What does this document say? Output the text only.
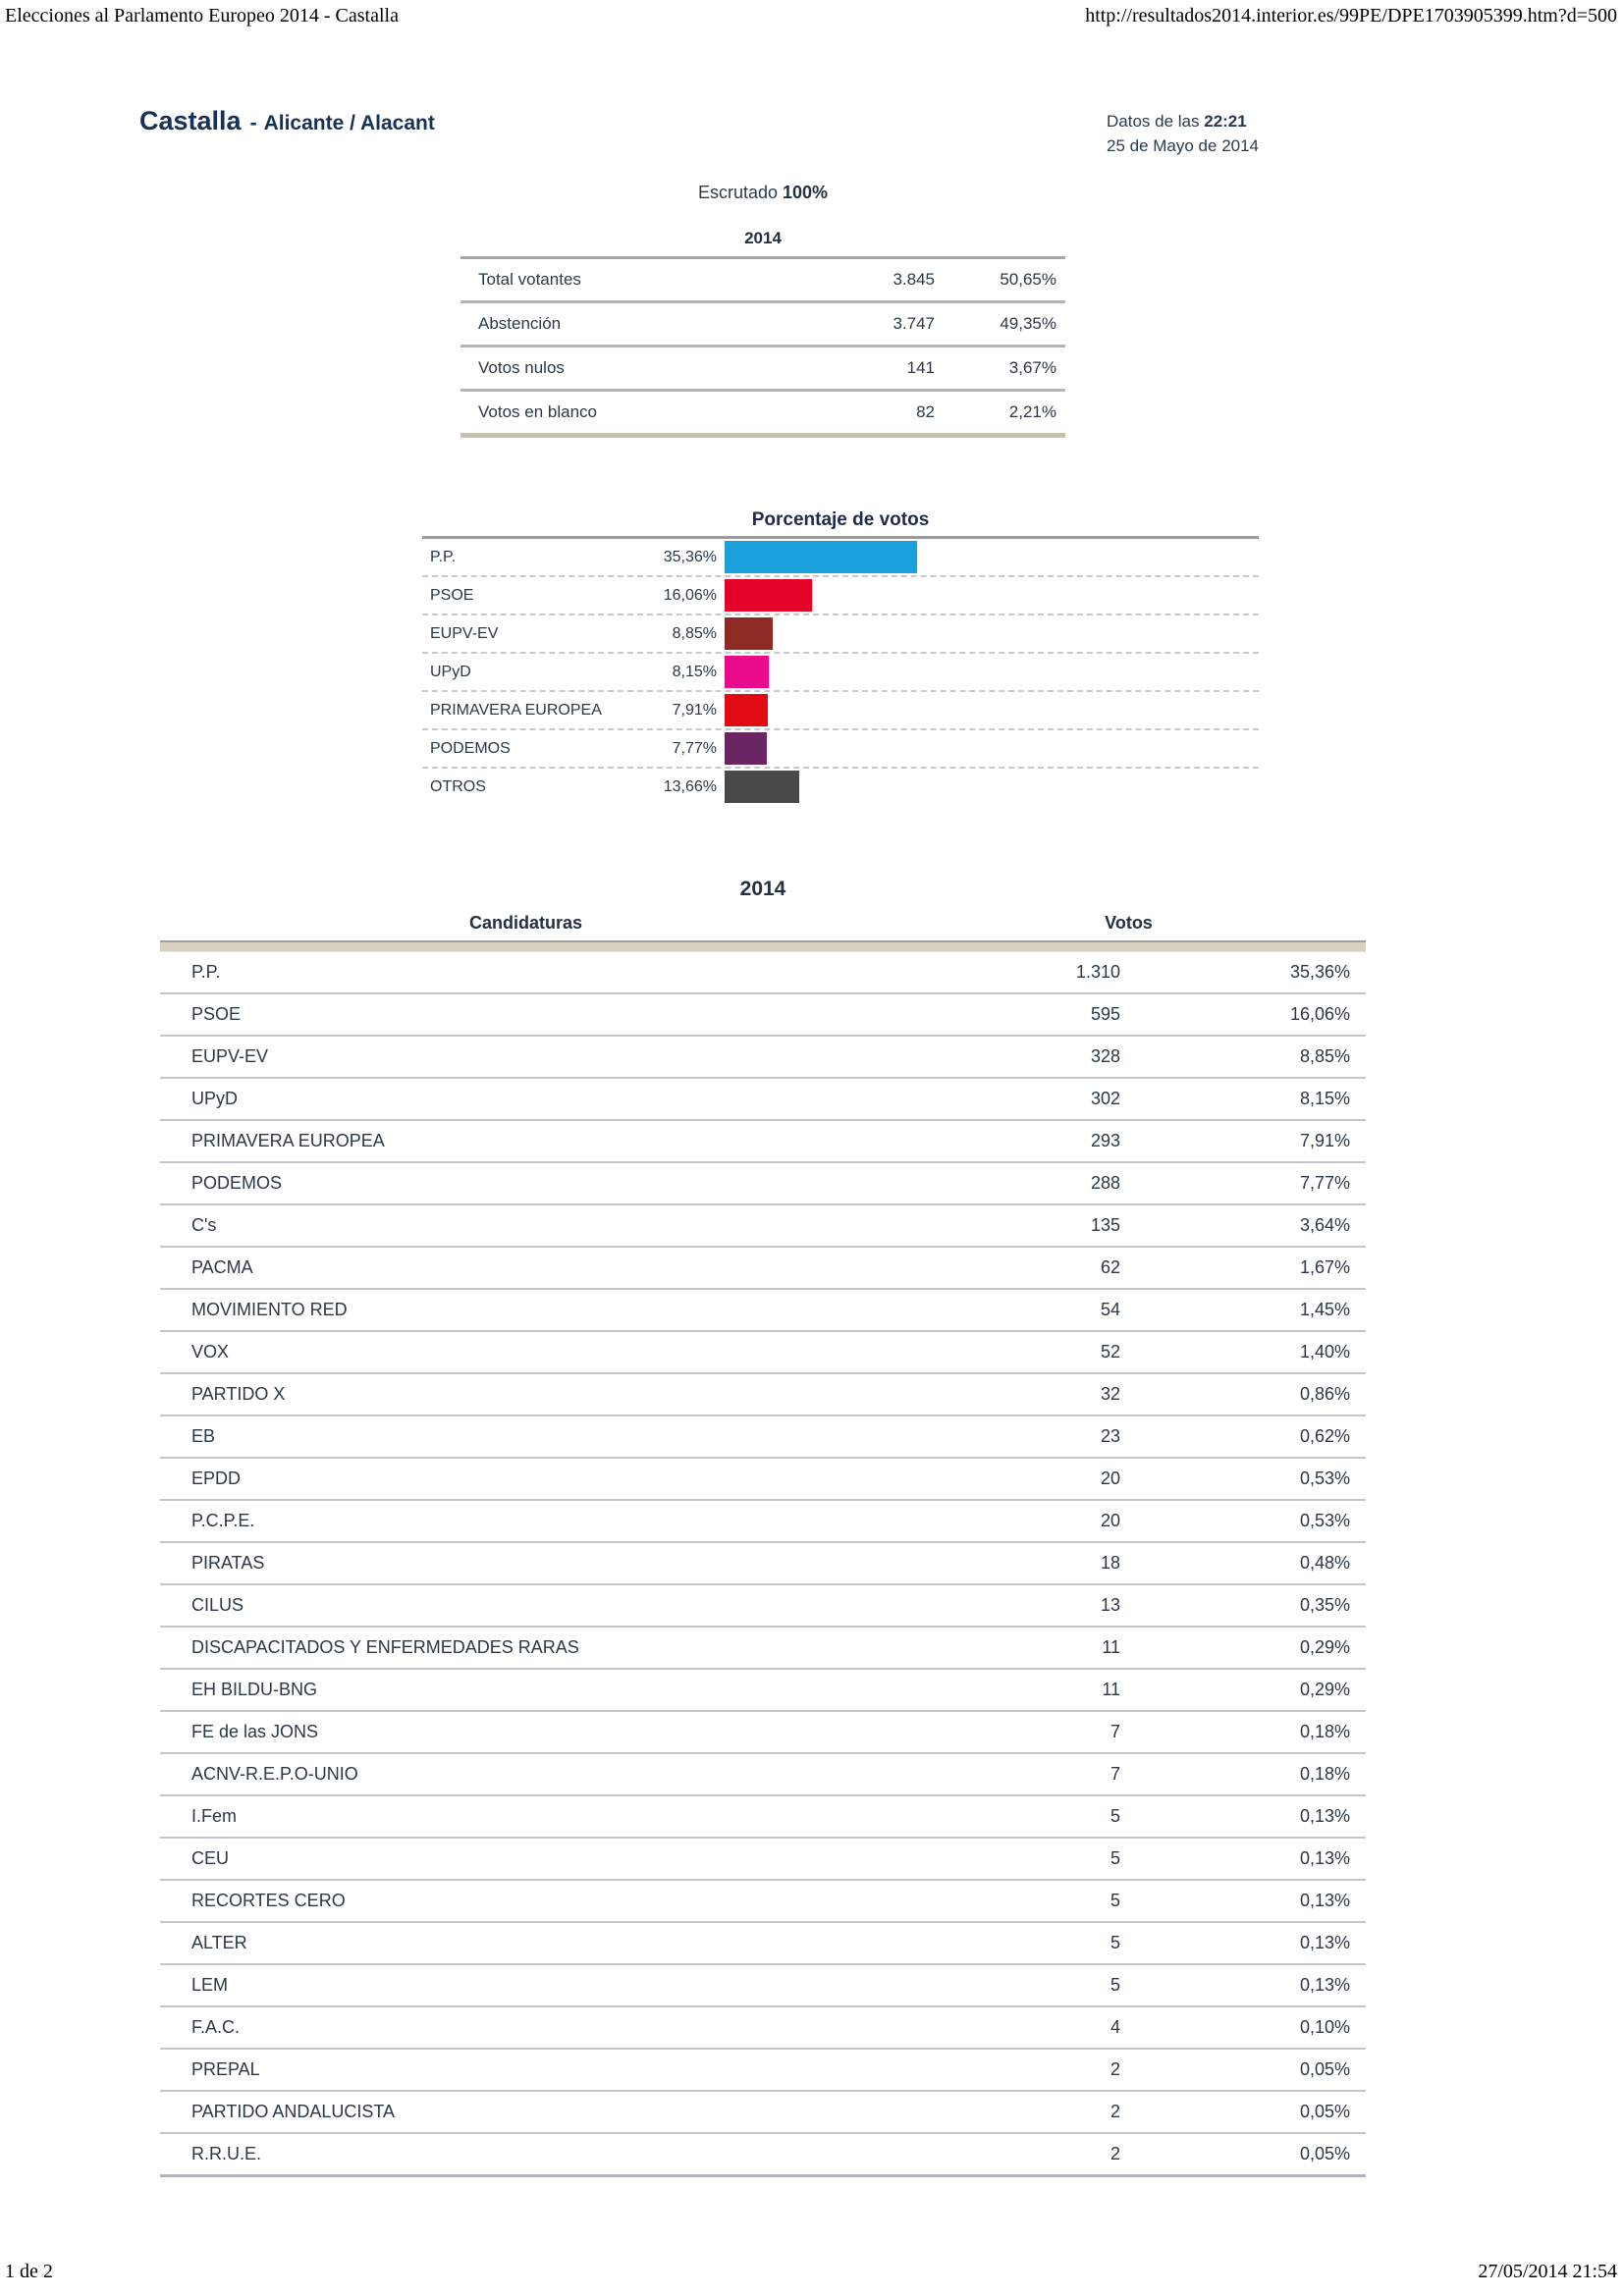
Elecciones al Parlamento Europeo 2014 - Castalla	http://resultados2014.interior.es/99PE/DPE1703905399.htm?d=500
Castalla - Alicante / Alacant	Datos de las 22:21
25 de Mayo de 2014
Escrutado 100%
2014
Total votantes	3.845	50,65%
Abstención	3.747	49,35%
Votos nulos	141	3,67%
Votos en blanco	82	2,21%
Porcentaje de votos
P.P.	35,36%
PSOE	16,06%
EUPV-EV	8,85%
UPyD	8,15%
PRIMAVERA EUROPEA	7,91%
PODEMOS	7,77%
OTROS	13,66%
2014
Candidaturas	Votos
P.P.	1.310	35,36%
PSOE	595	16,06%
EUPV-EV	328	8,85%
UPyD	302	8,15%
PRIMAVERA EUROPEA	293	7,91%
PODEMOS	288	7,77%
C's	135	3,64%
PACMA	62	1,67%
MOVIMIENTO RED	54	1,45%
VOX	52	1,40%
PARTIDO X	32	0,86%
EB	23	0,62%
EPDD	20	0,53%
P.C.P.E.	20	0,53%
PIRATAS	18	0,48%
CILUS	13	0,35%
DISCAPACITADOS Y ENFERMEDADES RARAS	11	0,29%
EH BILDU-BNG	11	0,29%
FE de las JONS	7	0,18%
ACNV-R.E.P.O-UNIO	7	0,18%
I.Fem	5	0,13%
CEU	5	0,13%
RECORTES CERO	5	0,13%
ALTER	5	0,13%
LEM	5	0,13%
F.A.C.	4	0,10%
PREPAL	2	0,05%
PARTIDO ANDALUCISTA	2	0,05%
R.R.U.E.	2	0,05%
1 de 2	27/05/2014 21:54
